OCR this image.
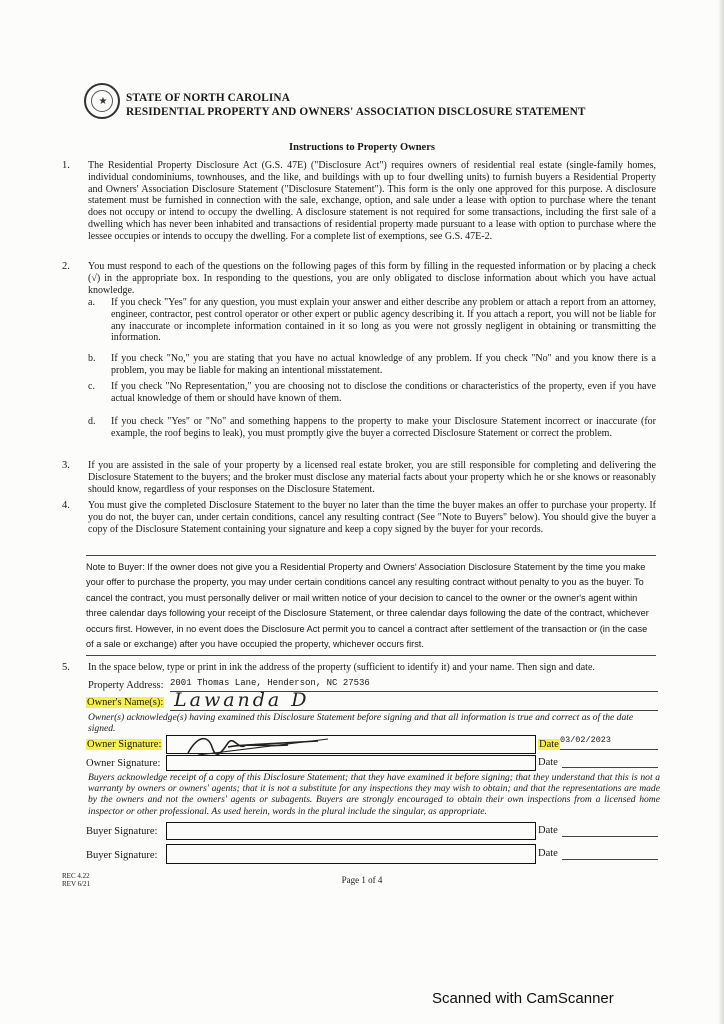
★	STATE OF NORTH CAROLINA
RESIDENTIAL PROPERTY AND OWNERS' ASSOCIATION DISCLOSURE STATEMENT
Instructions to Property Owners
1. The Residential Property Disclosure Act (G.S. 47E) ("Disclosure Act") requires owners of residential real estate (single-family homes, individual condominiums, townhouses, and the like, and buildings with up to four dwelling units) to furnish buyers a Residential Property and Owners' Association Disclosure Statement ("Disclosure Statement"). This form is the only one approved for this purpose. A disclosure statement must be furnished in connection with the sale, exchange, option, and sale under a lease with option to purchase where the tenant does not occupy or intend to occupy the dwelling. A disclosure statement is not required for some transactions, including the first sale of a dwelling which has never been inhabited and transactions of residential property made pursuant to a lease with option to purchase where the lessee occupies or intends to occupy the dwelling. For a complete list of exemptions, see G.S. 47E-2.
2. You must respond to each of the questions on the following pages of this form by filling in the requested information or by placing a check (√) in the appropriate box. In responding to the questions, you are only obligated to disclose information about which you have actual knowledge.
a. If you check "Yes" for any question, you must explain your answer and either describe any problem or attach a report from an attorney, engineer, contractor, pest control operator or other expert or public agency describing it. If you attach a report, you will not be liable for any inaccurate or incomplete information contained in it so long as you were not grossly negligent in obtaining or transmitting the information.
b. If you check "No," you are stating that you have no actual knowledge of any problem. If you check "No" and you know there is a problem, you may be liable for making an intentional misstatement.
c. If you check "No Representation," you are choosing not to disclose the conditions or characteristics of the property, even if you have actual knowledge of them or should have known of them.
d. If you check "Yes" or "No" and something happens to the property to make your Disclosure Statement incorrect or inaccurate (for example, the roof begins to leak), you must promptly give the buyer a corrected Disclosure Statement or correct the problem.
3. If you are assisted in the sale of your property by a licensed real estate broker, you are still responsible for completing and delivering the Disclosure Statement to the buyers; and the broker must disclose any material facts about your property which he or she knows or reasonably should know, regardless of your responses on the Disclosure Statement.
4. You must give the completed Disclosure Statement to the buyer no later than the time the buyer makes an offer to purchase your property. If you do not, the buyer can, under certain conditions, cancel any resulting contract (See "Note to Buyers" below). You should give the buyer a copy of the Disclosure Statement containing your signature and keep a copy signed by the buyer for your records.
Note to Buyer: If the owner does not give you a Residential Property and Owners' Association Disclosure Statement by the time you make your offer to purchase the property, you may under certain conditions cancel any resulting contract without penalty to you as the buyer. To cancel the contract, you must personally deliver or mail written notice of your decision to cancel to the owner or the owner's agent within three calendar days following your receipt of the Disclosure Statement, or three calendar days following the date of the contract, whichever occurs first. However, in no event does the Disclosure Act permit you to cancel a contract after settlement of the transaction or (in the case of a sale or exchange) after you have occupied the property, whichever occurs first.
5. In the space below, type or print in ink the address of the property (sufficient to identify it) and your name. Then sign and date.
Property Address: 2001 Thomas Lane, Henderson, NC 27536
Owner's Name(s): Lawanda D
Owner(s) acknowledge(s) having examined this Disclosure Statement before signing and that all information is true and correct as of the date signed.
Owner Signature:	Date 03/02/2023
Owner Signature:	Date
Buyers acknowledge receipt of a copy of this Disclosure Statement; that they have examined it before signing; that they understand that this is not a warranty by owners or owners' agents; that it is not a substitute for any inspections they may wish to obtain; and that the representations are made by the owners and not the owners' agents or subagents. Buyers are strongly encouraged to obtain their own inspections from a licensed home inspector or other professional. As used herein, words in the plural include the singular, as appropriate.
Buyer Signature:	Date
Buyer Signature:	Date
REC 4.22
REV 6/21	Page 1 of 4
Scanned with CamScanner
